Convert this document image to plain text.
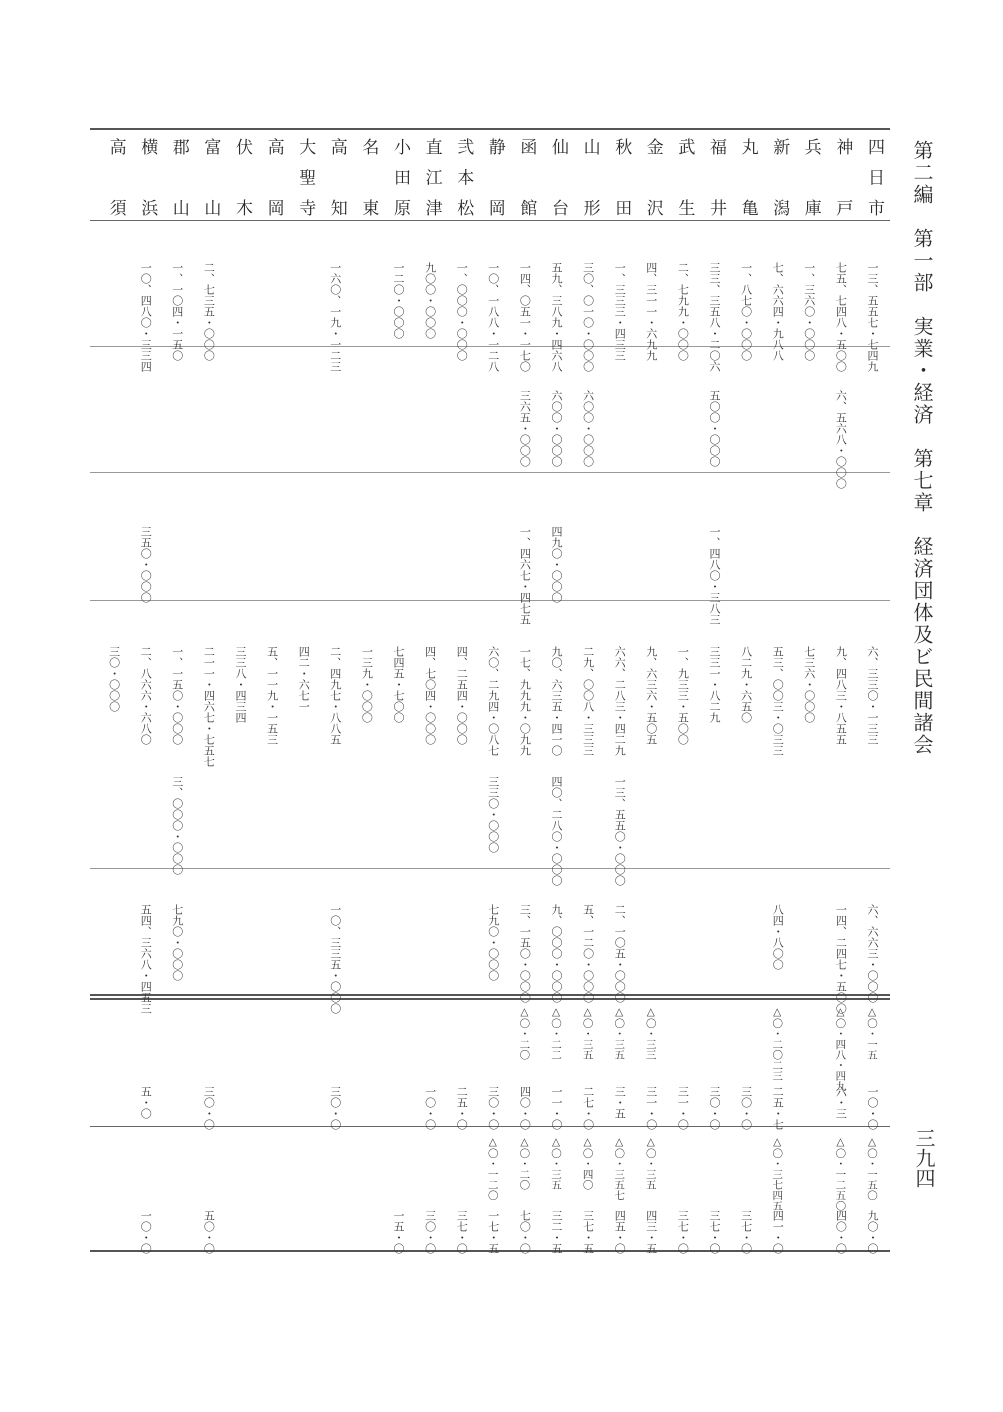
第二編　第一部　実業・経済　第七章　経済団体及ビ民間諸会
三九四
四日市
一三、五五七・七四九
六、三三〇・一三三
六、六六三・〇〇〇
△〇・一五
一〇・〇
△〇・一五〇
九〇・〇
神戸
七五、七四八・五〇〇
六、五六八・〇〇〇
九、四八三・八五五
一四、二四七・五〇〇
△〇・四八・四九
六・三
△〇・一二五〇
四〇・〇
兵庫
一、三六〇・〇〇〇
七三六・〇〇〇
新潟
七、六六四・九八八
五三、〇〇三・〇三三
八四・八〇〇
△〇・二〇二三
二五・七
△〇・三七四五
四一・〇
丸亀
一、八七〇・〇〇〇
八二九・六五〇
三〇・〇
三七・〇
福井
三三、三五八・二〇六
五〇〇・〇〇〇
一、四八〇・三八三
三三一・八二九
三〇・〇
三七・〇
武生
二、七九九・〇〇〇
一、九三三・五〇〇
三一・〇
三七・〇
金沢
四、三一一・六九九
九、六三六・五〇五
△〇・三三
三一・〇
△〇・三五
四三・五
秋田
一、三三三・四三三
六六、二八三・四二九
一三、五五〇・〇〇〇
二、一〇五・〇〇〇
△〇・三五
三・五
△〇・三五七
四五・〇
山形
三〇、〇一〇・〇〇〇
六〇〇・〇〇〇
二九、〇〇八・三三三
五、一二〇・〇〇〇
△〇・三五
二七・〇
△〇・四〇
三七・五
仙台
五九、三八九・四六八
六〇〇・〇〇〇
四九〇・〇〇〇
九〇、六三五・四一〇
四〇、二八〇・〇〇〇
九、〇〇〇・〇〇〇
△〇・二二
一一・〇
△〇・三五
三二・五
函館
一四、〇五一・一七〇
三六五・〇〇〇
一、四六七・四七五
一七、九九九・〇九九
三、一五〇・〇〇〇
△〇・二〇
四〇・〇
△〇・二〇
七〇・〇
静岡
一〇、一八八・一二八
六〇、二九四・〇八七
三三〇・〇〇〇
七九〇・〇〇〇
三〇・〇
△〇・一二〇
一七・五
弐本松
一、〇〇〇・〇〇〇
四、二五四・〇〇〇
二五・〇
三七・〇
直江津
九〇〇・〇〇〇
四、七〇四・〇〇〇
一〇・〇
三〇・〇
小田原
一二〇・〇〇〇
七四五・七〇〇
一五・〇
名東
一三九・〇〇〇
高知
一六〇、一九・一二三
二、四九七・八八五
一〇、三三五・〇〇〇
三〇・〇
大聖寺
四二・六七一
高岡
五、一一九・一五三
伏木
三三八・四三四
富山
二、七三五・〇〇〇
二一一・四六七・七五七
三〇・〇
五〇・〇
郡山
一、一〇四・一五〇
一、一五〇・〇〇〇
三、〇〇〇・〇〇〇
七九〇・〇〇〇
横浜
一〇、四八〇・三三四
三五〇・〇〇〇
二、八六六・六八〇
五四、三六八・四五三
五・〇
一〇・〇
高須
三〇・〇〇〇
